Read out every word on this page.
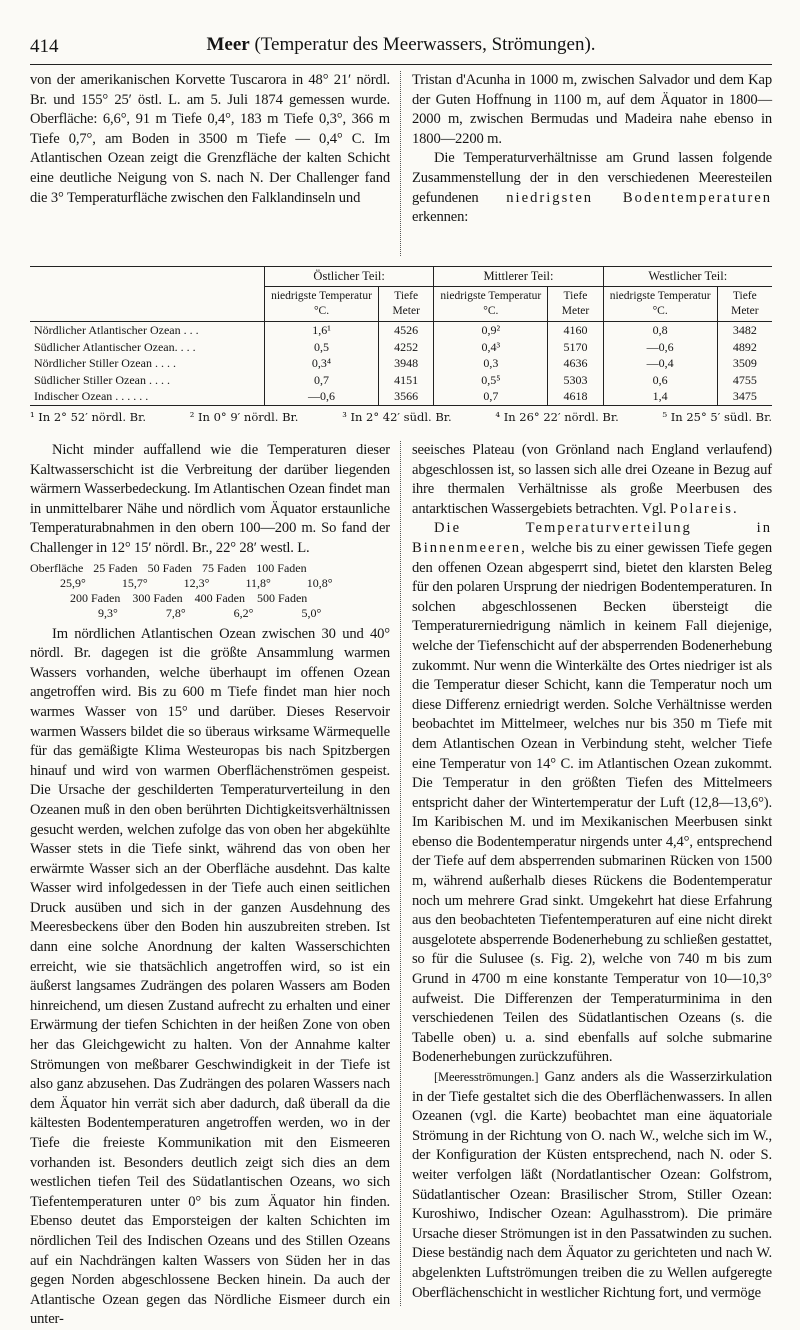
414	Meer (Temperatur des Meerwassers, Strömungen).

von der amerikanischen Korvette Tuscarora in 48° 21′ nördl. Br. und 155° 25′ östl. L. am 5. Juli 1874 gemessen wurde. Oberfläche: 6,6°, 91 m Tiefe 0,4°, 183 m Tiefe 0,3°, 366 m Tiefe 0,7°, am Boden in 3500 m Tiefe — 0,4° C. Im Atlantischen Ozean zeigt die Grenzfläche der kalten Schicht eine deutliche Neigung von S. nach N. Der Challenger fand die 3° Temperaturfläche zwischen den Falklandinseln und

Tristan d'Acunha in 1000 m, zwischen Salvador und dem Kap der Guten Hoffnung in 1100 m, auf dem Äquator in 1800—2000 m, zwischen Bermudas und Madeira nahe ebenso in 1800—2200 m.

Die Temperaturverhältnisse am Grund lassen folgende Zusammenstellung der in den verschiedenen Meeresteilen gefundenen niedrigsten Bodentemperaturen erkennen:

	Östlicher Teil:		Mittlerer Teil:		Westlicher Teil:	
	niedrigste Temperatur °C.	Tiefe Meter	niedrigste Temperatur °C.	Tiefe Meter	niedrigste Temperatur °C.	Tiefe Meter
Nördlicher Atlantischer Ozean . . .	1,6¹	4526	0,9²	4160	0,8	3482
Südlicher Atlantischer Ozean. . . .	0,5	4252	0,4³	5170	—0,6	4892
Nördlicher Stiller Ozean . . . .	0,3⁴	3948	0,3	4636	—0,4	3509
Südlicher Stiller Ozean . . . .	0,7	4151	0,5⁵	5303	0,6	4755
Indischer Ozean . . . . . .	—0,6	3566	0,7	4618	1,4	3475
¹ In 2° 52′ nördl. Br.	² In 0° 9′ nördl. Br.	³ In 2° 42′ südl. Br.	⁴ In 26° 22′ nördl. Br.	⁵ In 25° 5′ südl. Br.

Nicht minder auffallend wie die Temperaturen dieser Kaltwasserschicht ist die Verbreitung der darüber liegenden wärmern Wasserbedeckung. Im Atlantischen Ozean findet man in unmittelbarer Nähe und nördlich vom Äquator erstaunliche Temperaturabnahmen in den obern 100—200 m. So fand der Challenger in 12° 15′ nördl. Br., 22° 28′ westl. L.

Oberfläche 25 Faden 50 Faden 75 Faden 100 Faden
25,9°	15,7°	12,3°	11,8°	10,8°
200 Faden 300 Faden 400 Faden 500 Faden
9,3°	7,8°	6,2°	5,0°

Im nördlichen Atlantischen Ozean zwischen 30 und 40° nördl. Br. dagegen ist die größte Ansammlung warmen Wassers vorhanden, welche überhaupt im offenen Ozean angetroffen wird. Bis zu 600 m Tiefe findet man hier noch warmes Wasser von 15° und darüber. Dieses Reservoir warmen Wassers bildet die so überaus wirksame Wärmequelle für das gemäßigte Klima Westeuropas bis nach Spitzbergen hinauf und wird von warmen Oberflächenströmen gespeist. Die Ursache der geschilderten Temperaturverteilung in den Ozeanen muß in den oben berührten Dichtigkeitsverhältnissen gesucht werden, welchen zufolge das von oben her abgekühlte Wasser stets in die Tiefe sinkt, während das von oben her erwärmte Wasser sich an der Oberfläche ausdehnt. Das kalte Wasser wird infolgedessen in der Tiefe auch einen seitlichen Druck ausüben und sich in der ganzen Ausdehnung des Meeresbeckens über den Boden hin auszubreiten streben. Ist dann eine solche Anordnung der kalten Wasserschichten erreicht, wie sie thatsächlich angetroffen wird, so ist ein äußerst langsames Zudrängen des polaren Wassers am Boden hinreichend, um diesen Zustand aufrecht zu erhalten und einer Erwärmung der tiefen Schichten in der heißen Zone von oben her das Gleichgewicht zu halten. Von der Annahme kalter Strömungen von meßbarer Geschwindigkeit in der Tiefe ist also ganz abzusehen. Das Zudrängen des polaren Wassers nach dem Äquator hin verrät sich aber dadurch, daß überall da die kältesten Bodentemperaturen angetroffen werden, wo in der Tiefe die freieste Kommunikation mit den Eismeeren vorhanden ist. Besonders deutlich zeigt sich dies an dem westlichen tiefen Teil des Südatlantischen Ozeans, wo sich Tiefentemperaturen unter 0° bis zum Äquator hin finden. Ebenso deutet das Emporsteigen der kalten Schichten im nördlichen Teil des Indischen Ozeans und des Stillen Ozeans auf ein Nachdrängen kalten Wassers von Süden her in das gegen Norden abgeschlossene Becken hinein. Da auch der Atlantische Ozean gegen das Nördliche Eismeer durch ein unter-

seeisches Plateau (von Grönland nach England verlaufend) abgeschlossen ist, so lassen sich alle drei Ozeane in Bezug auf ihre thermalen Verhältnisse als große Meerbusen des antarktischen Wassergebiets betrachten. Vgl. Polareis.

Die Temperaturverteilung in Binnenmeeren, welche bis zu einer gewissen Tiefe gegen den offenen Ozean abgesperrt sind, bietet den klarsten Beleg für den polaren Ursprung der niedrigen Bodentemperaturen. In solchen abgeschlossenen Becken übersteigt die Temperaturerniedrigung nämlich in keinem Fall diejenige, welche der Tiefenschicht auf der absperrenden Bodenerhebung zukommt. Nur wenn die Winterkälte des Ortes niedriger ist als die Temperatur dieser Schicht, kann die Temperatur noch um diese Differenz erniedrigt werden. Solche Verhältnisse werden beobachtet im Mittelmeer, welches nur bis 350 m Tiefe mit dem Atlantischen Ozean in Verbindung steht, welcher Tiefe eine Temperatur von 14° C. im Atlantischen Ozean zukommt. Die Temperatur in den größten Tiefen des Mittelmeers entspricht daher der Wintertemperatur der Luft (12,8—13,6°). Im Karibischen M. und im Mexikanischen Meerbusen sinkt ebenso die Bodentemperatur nirgends unter 4,4°, entsprechend der Tiefe auf dem absperrenden submarinen Rücken von 1500 m, während außerhalb dieses Rückens die Bodentemperatur noch um mehrere Grad sinkt. Umgekehrt hat diese Erfahrung aus den beobachteten Tiefentemperaturen auf eine nicht direkt ausgelotete absperrende Bodenerhebung zu schließen gestattet, so für die Sulusee (s. Fig. 2), welche von 740 m bis zum Grund in 4700 m eine konstante Temperatur von 10—10,3° aufweist. Die Differenzen der Temperaturminima in den verschiedenen Teilen des Südatlantischen Ozeans (s. die Tabelle oben) u. a. sind ebenfalls auf solche submarine Bodenerhebungen zurückzuführen.

[Meeresströmungen.] Ganz anders als die Wasserzirkulation in der Tiefe gestaltet sich die des Oberflächenwassers. In allen Ozeanen (vgl. die Karte) beobachtet man eine äquatoriale Strömung in der Richtung von O. nach W., welche sich im W., der Konfiguration der Küsten entsprechend, nach N. oder S. weiter verfolgen läßt (Nordatlantischer Ozean: Golfstrom, Südatlantischer Ozean: Brasilischer Strom, Stiller Ozean: Kuroshiwo, Indischer Ozean: Agulhasstrom). Die primäre Ursache dieser Strömungen ist in den Passatwinden zu suchen. Diese beständig nach dem Äquator zu gerichteten und nach W. abgelenkten Luftströmungen treiben die zu Wellen aufgeregte Oberflächenschicht in westlicher Richtung fort, und vermöge
